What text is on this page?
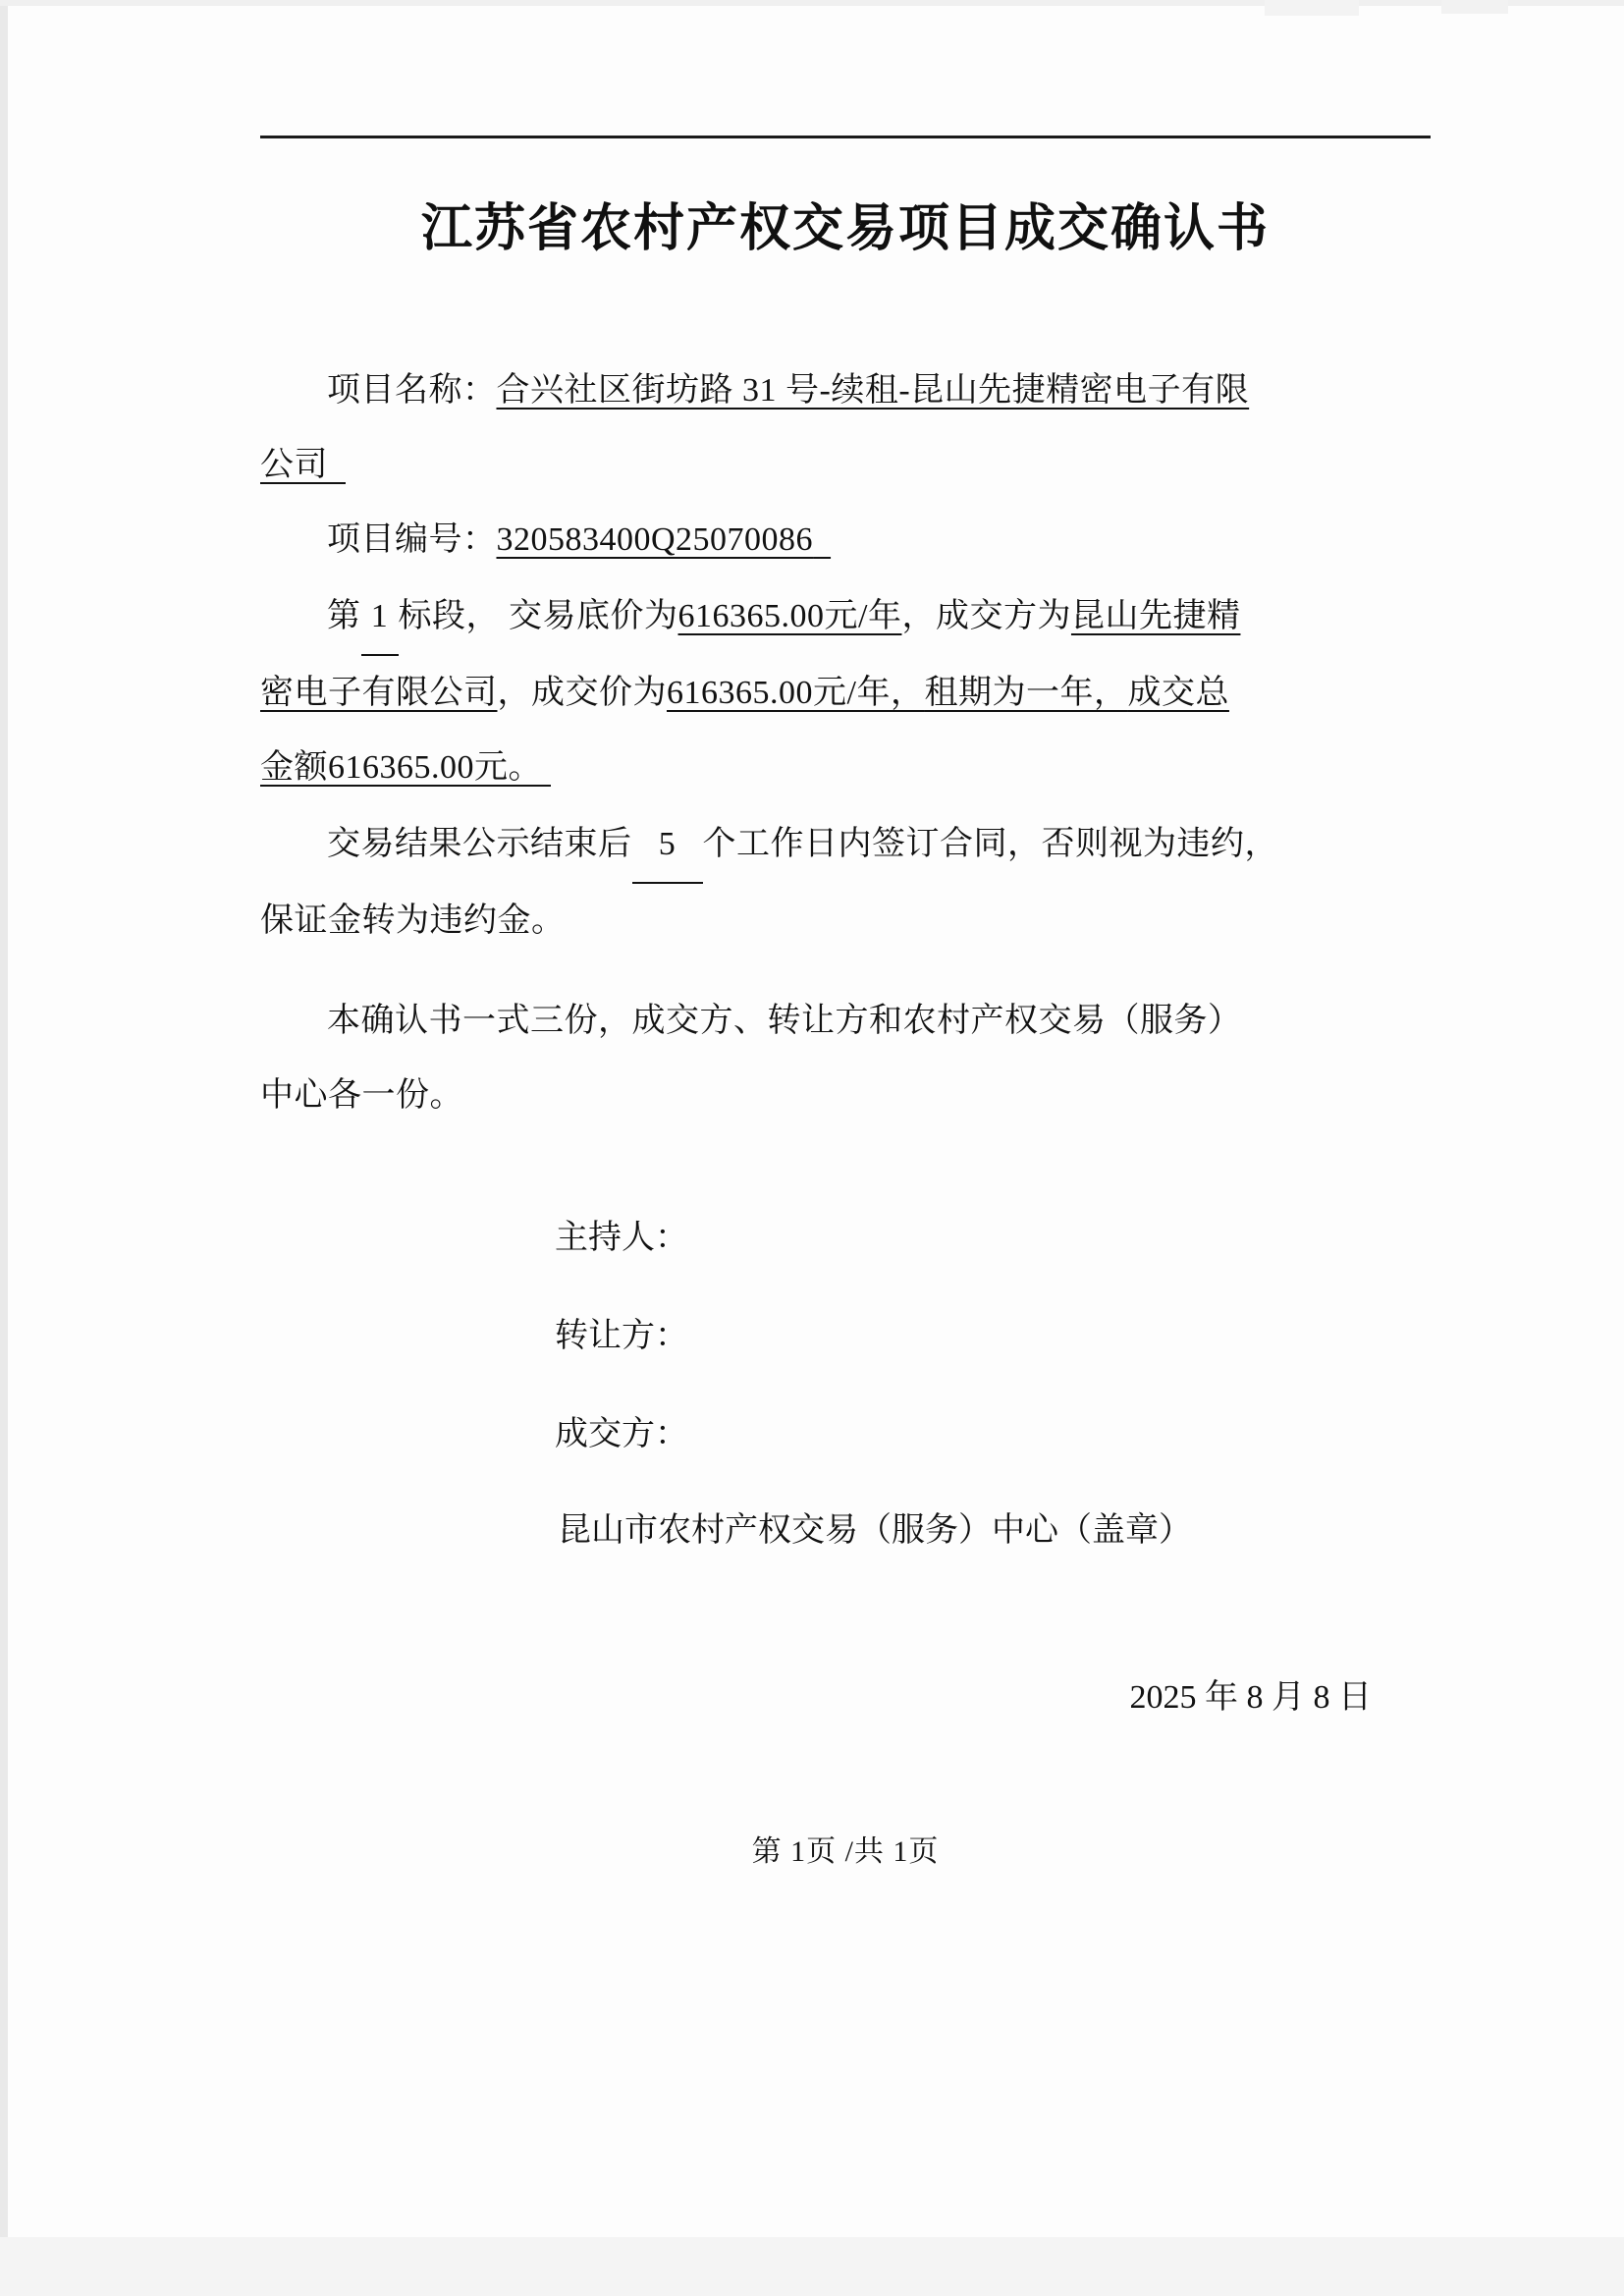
江苏省农村产权交易项目成交确认书
项目名称：合兴社区街坊路 31 号-续租-昆山先捷精密电子有限
公司
项目编号：320583400Q25070086
第 1 标段， 交易底价为616365.00元/年，成交方为昆山先捷精
密电子有限公司，成交价为616365.00元/年，租期为一年，成交总
金额616365.00元。
交易结果公示结束后 5 个工作日内签订合同，否则视为违约，
保证金转为违约金。
本确认书一式三份，成交方、转让方和农村产权交易（服务）
中心各一份。
主持人：
转让方：
成交方：
昆山市农村产权交易（服务）中心（盖章）
2025 年 8 月 8 日
第 1页 /共 1页
